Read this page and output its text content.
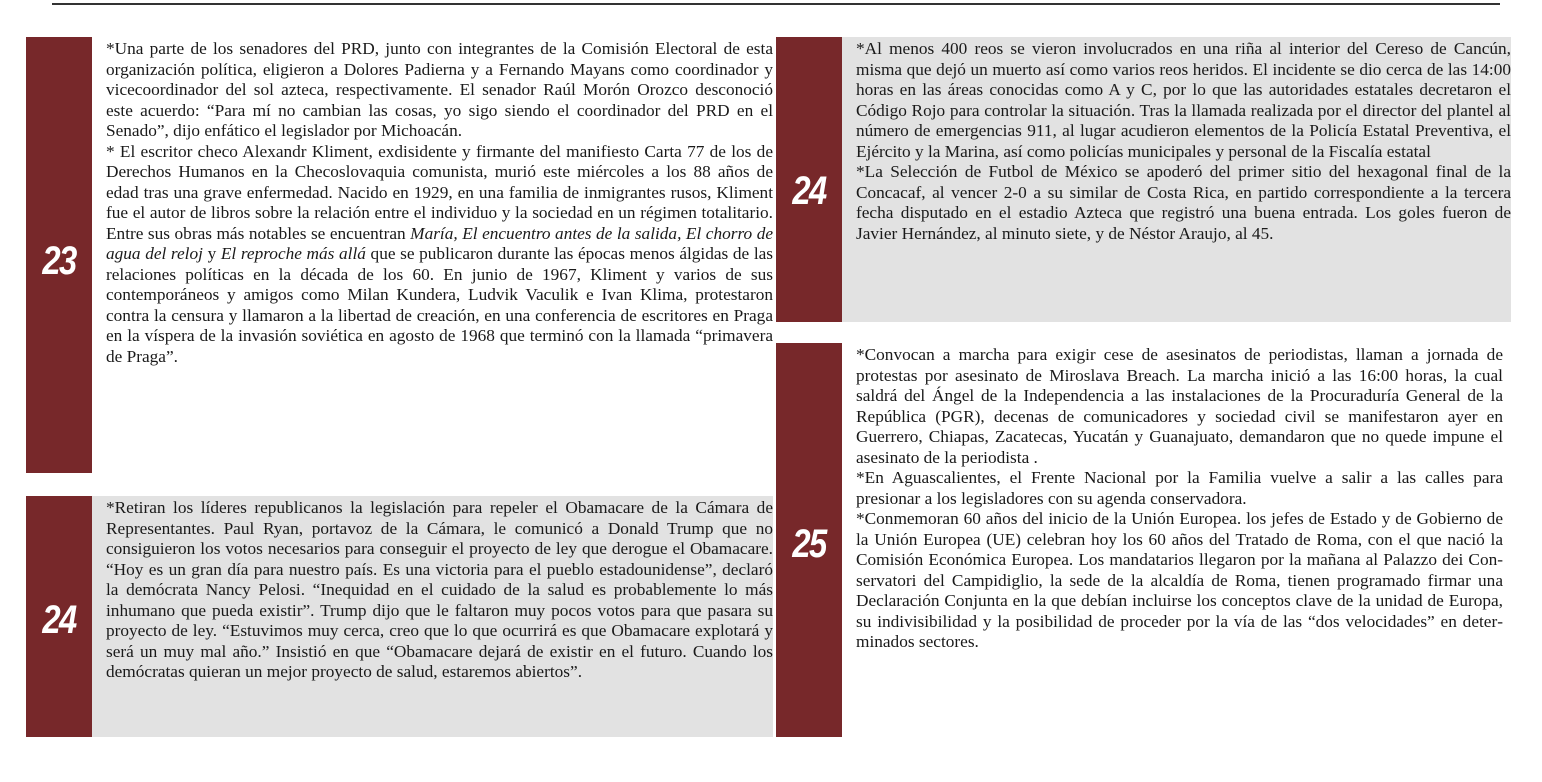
23

*Una parte de los senadores del PRD, junto con integrantes de la Comisión Electoral de esta organización política, eligieron a Dolores Padierna y a Fernando Mayans como coordinador y vicecoordinador del sol azteca, respectivamente. El senador Raúl Morón Orozco desconoció este acuerdo: “Para mí no cambian las cosas, yo sigo siendo el coordinador del PRD en el Senado”, dijo enfático el legislador por Michoacán.

* El escritor checo Alexandr Kliment, exdisidente y firmante del manifiesto Carta 77 de los de Derechos Humanos en la Checoslovaquia comunista, murió este miércoles a los 88 años de edad tras una grave enfermedad. Nacido en 1929, en una familia de inmigrantes rusos, Kliment fue el autor de libros sobre la relación entre el individuo y la sociedad en un régimen totalitario. Entre sus obras más notables se encuentran María, El encuentro antes de la salida, El chorro de agua del reloj y El reproche más allá que se publicaron durante las épocas menos álgidas de las relaciones políticas en la década de los 60. En junio de 1967, Kliment y varios de sus contemporáneos y amigos como Milan Kundera, Ludvik Vaculik e Ivan Klima, protestaron contra la censura y llamaron a la libertad de creación, en una conferencia de escritores en Praga en la víspera de la invasión soviética en agosto de 1968 que terminó con la llamada “primavera de Praga”.

24

*Retiran los líderes republicanos la legislación para repeler el Obamacare de la Cámara de Representantes. Paul Ryan, portavoz de la Cámara, le comunicó a Donald Trump que no consiguieron los votos necesarios para conseguir el proyecto de ley que derogue el Obamacare. “Hoy es un gran día para nuestro país. Es una victoria para el pueblo estadounidense”, declaró la demócrata Nancy Pelosi. “Inequidad en el cuidado de la salud es probablemente lo más inhumano que pueda existir”. Trump dijo que le faltaron muy pocos votos para que pasara su proyecto de ley. “Estuvimos muy cerca, creo que lo que ocurrirá es que Obamacare explotará y será un muy mal año.” Insistió en que “Obamacare dejará de existir en el futuro. Cuando los demócratas quieran un mejor proyecto de salud, estaremos abiertos”.

24

*Al menos 400 reos se vieron involucrados en una riña al interior del Cereso de Cancún, misma que dejó un muerto así como varios reos heridos. El incidente se dio cerca de las 14:00 horas en las áreas conocidas como A y C, por lo que las autoridades estatales decretaron el Código Rojo para controlar la situación. Tras la llamada realizada por el director del plantel al número de emergencias 911, al lugar acudieron elementos de la Policía Estatal Preventiva, el Ejército y la Marina, así como policías municipales y personal de la Fiscalía estatal

*La Selección de Futbol de México se apoderó del primer sitio del hexagonal final de la Concacaf, al vencer 2-0 a su similar de Costa Rica, en partido correspondiente a la tercera fecha disputado en el estadio Azteca que registró una buena entrada. Los goles fueron de Javier Hernández, al minuto siete, y de Néstor Araujo, al 45.

25

*Convocan a marcha para exigir cese de asesinatos de periodistas, llaman a jornada de protestas por asesinato de Miroslava Breach. La marcha inició a las 16:00 horas, la cual saldrá del Ángel de la Independencia a las instalaciones de la Procuraduría General de la República (PGR), decenas de comunicadores y sociedad civil se manifestaron ayer en Guerrero, Chiapas, Zacatecas, Yucatán y Guanajuato, demandaron que no quede impune el asesinato de la periodista .

*En Aguascalientes, el Frente Nacional por la Familia vuelve a salir a las calles para presionar a los legisladores con su agenda conservadora.

*Conmemoran 60 años del inicio de la Unión Europea. los jefes de Estado y de Gobierno de la Unión Europea (UE) celebran hoy los 60 años del Tratado de Roma, con el que nació la Comisión Económica Europea. Los mandatarios llegaron por la mañana al Palazzo dei Conservatori del Campidiglio, la sede de la alcaldía de Roma, tienen programado firmar una Declaración Conjunta en la que debían incluirse los conceptos clave de la unidad de Europa, su indivisibilidad y la posibilidad de proceder por la vía de las “dos velocidades” en determinados sectores.
